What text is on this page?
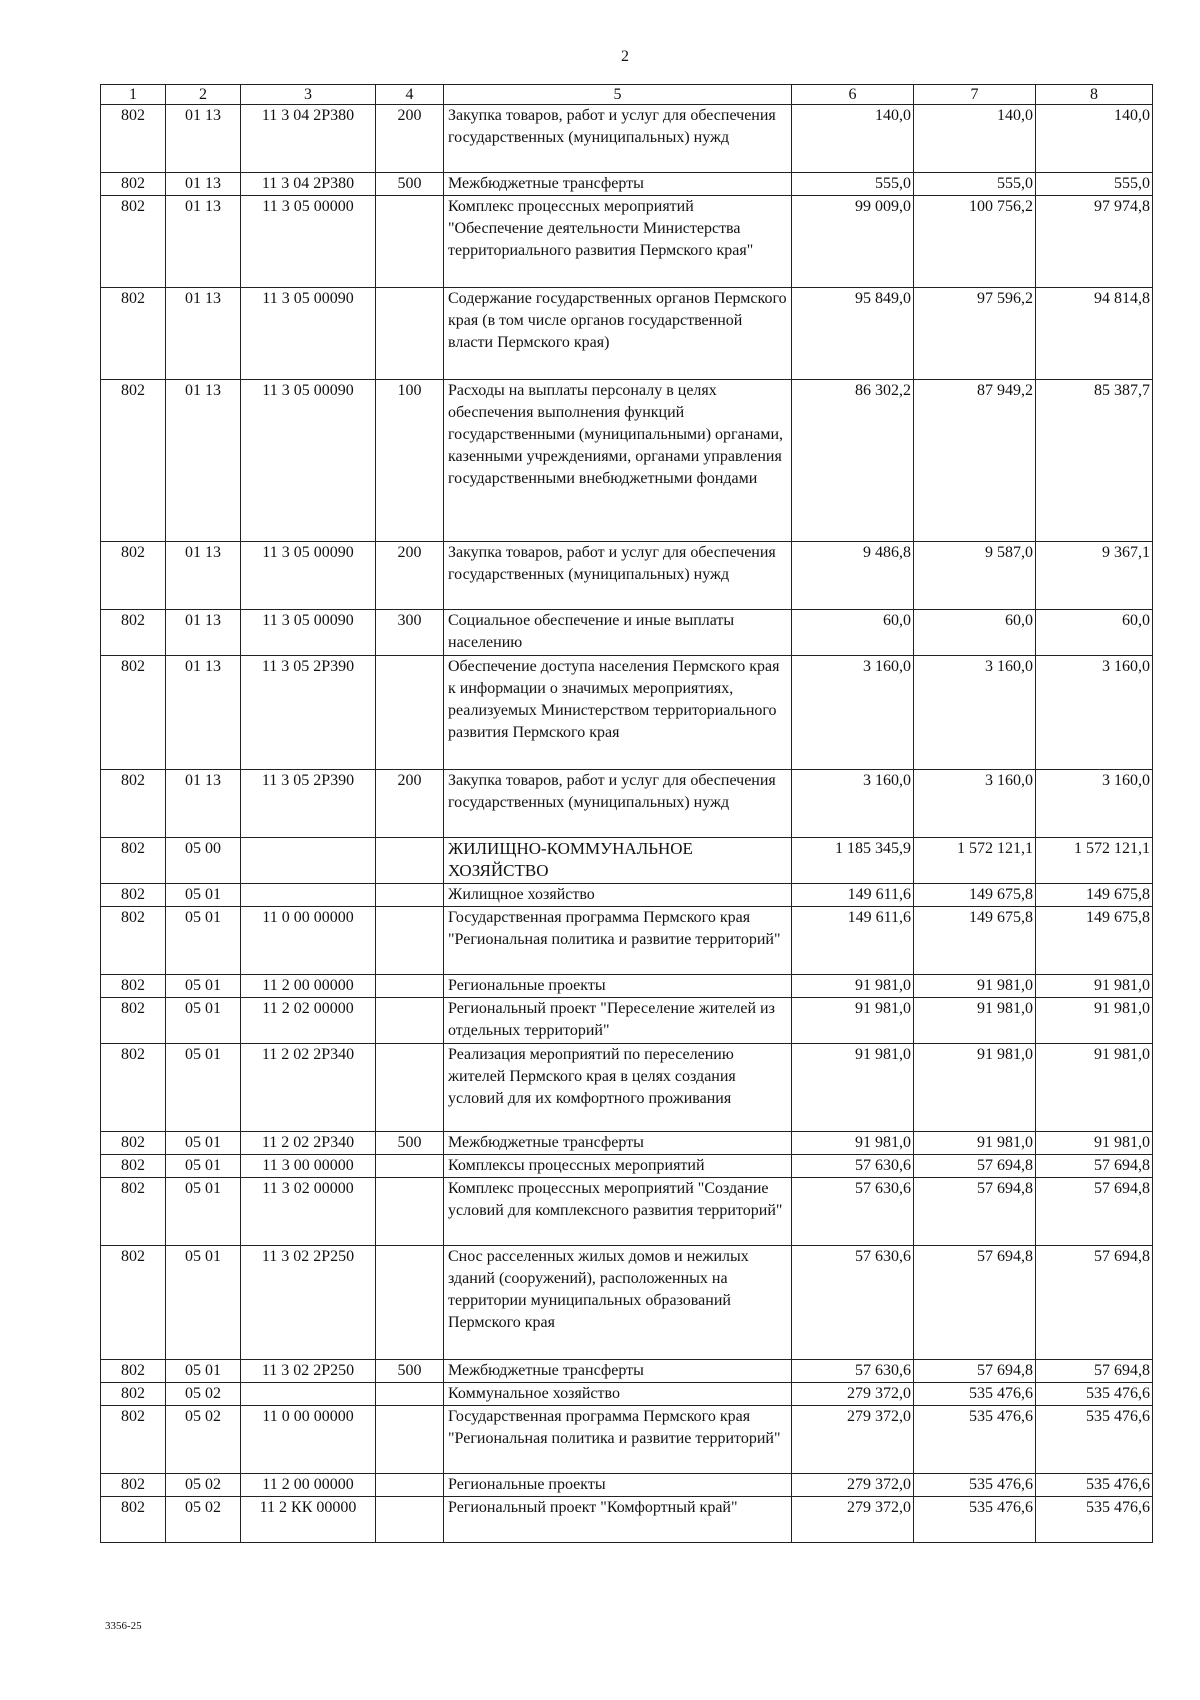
2
1	2	3	4	5	6	7	8
802	01 13	11 3 04 2Р380	200	Закупка товаров, работ и услуг для обеспечения государственных (муниципальных) нужд	140,0	140,0	140,0
802	01 13	11 3 04 2Р380	500	Межбюджетные трансферты	555,0	555,0	555,0
802	01 13	11 3 05 00000		Комплекс процессных мероприятий "Обеспечение деятельности Министерства территориального развития Пермского края"	99 009,0	100 756,2	97 974,8
802	01 13	11 3 05 00090		Содержание государственных органов Пермского края (в том числе органов государственной власти Пермского края)	95 849,0	97 596,2	94 814,8
802	01 13	11 3 05 00090	100	Расходы на выплаты персоналу в целях обеспечения выполнения функций государственными (муниципальными) органами, казенными учреждениями, органами управления государственными внебюджетными фондами	86 302,2	87 949,2	85 387,7
802	01 13	11 3 05 00090	200	Закупка товаров, работ и услуг для обеспечения государственных (муниципальных) нужд	9 486,8	9 587,0	9 367,1
802	01 13	11 3 05 00090	300	Социальное обеспечение и иные выплаты населению	60,0	60,0	60,0
802	01 13	11 3 05 2Р390		Обеспечение доступа населения Пермского края к информации о значимых мероприятиях, реализуемых Министерством территориального развития Пермского края	3 160,0	3 160,0	3 160,0
802	01 13	11 3 05 2Р390	200	Закупка товаров, работ и услуг для обеспечения государственных (муниципальных) нужд	3 160,0	3 160,0	3 160,0
802	05 00			ЖИЛИЩНО-КОММУНАЛЬНОЕ ХОЗЯЙСТВО	1 185 345,9	1 572 121,1	1 572 121,1
802	05 01			Жилищное хозяйство	149 611,6	149 675,8	149 675,8
802	05 01	11 0 00 00000		Государственная программа Пермского края "Региональная политика и развитие территорий"	149 611,6	149 675,8	149 675,8
802	05 01	11 2 00 00000		Региональные проекты	91 981,0	91 981,0	91 981,0
802	05 01	11 2 02 00000		Региональный проект "Переселение жителей из отдельных территорий"	91 981,0	91 981,0	91 981,0
802	05 01	11 2 02 2Р340		Реализация мероприятий по переселению жителей Пермского края в целях создания условий для их комфортного проживания	91 981,0	91 981,0	91 981,0
802	05 01	11 2 02 2Р340	500	Межбюджетные трансферты	91 981,0	91 981,0	91 981,0
802	05 01	11 3 00 00000		Комплексы процессных мероприятий	57 630,6	57 694,8	57 694,8
802	05 01	11 3 02 00000		Комплекс процессных мероприятий "Создание условий для комплексного развития территорий"	57 630,6	57 694,8	57 694,8
802	05 01	11 3 02 2Р250		Снос расселенных жилых домов и нежилых зданий (сооружений), расположенных на территории муниципальных образований Пермского края	57 630,6	57 694,8	57 694,8
802	05 01	11 3 02 2Р250	500	Межбюджетные трансферты	57 630,6	57 694,8	57 694,8
802	05 02			Коммунальное хозяйство	279 372,0	535 476,6	535 476,6
802	05 02	11 0 00 00000		Государственная программа Пермского края "Региональная политика и развитие территорий"	279 372,0	535 476,6	535 476,6
802	05 02	11 2 00 00000		Региональные проекты	279 372,0	535 476,6	535 476,6
802	05 02	11 2 КК 00000		Региональный проект "Комфортный край"	279 372,0	535 476,6	535 476,6
3356-25
